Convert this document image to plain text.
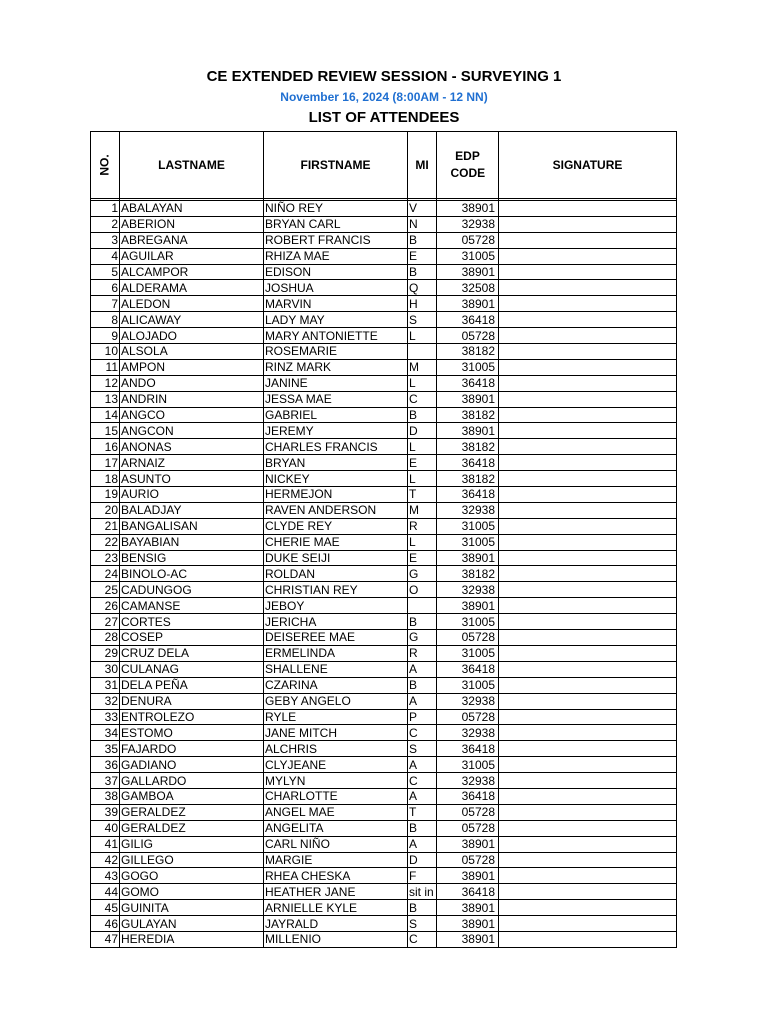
CE EXTENDED REVIEW SESSION - SURVEYING 1
November 16, 2024 (8:00AM - 12 NN)
LIST OF ATTENDEES
NO.	LASTNAME	FIRSTNAME	MI	EDP CODE	SIGNATURE

1	ABALAYAN	NIÑO REY	V	38901	
2	ABERION	BRYAN CARL	N	32938	
3	ABREGANA	ROBERT FRANCIS	B	05728	
4	AGUILAR	RHIZA MAE	E	31005	
5	ALCAMPOR	EDISON	B	38901	
6	ALDERAMA	JOSHUA	Q	32508	
7	ALEDON	MARVIN	H	38901	
8	ALICAWAY	LADY MAY	S	36418	
9	ALOJADO	MARY ANTONIETTE	L	05728	
10	ALSOLA	ROSEMARIE		38182	
11	AMPON	RINZ MARK	M	31005	
12	ANDO	JANINE	L	36418	
13	ANDRIN	JESSA MAE	C	38901	
14	ANGCO	GABRIEL	B	38182	
15	ANGCON	JEREMY	D	38901	
16	ANONAS	CHARLES FRANCIS	L	38182	
17	ARNAIZ	BRYAN	E	36418	
18	ASUNTO	NICKEY	L	38182	
19	AURIO	HERMEJON	T	36418	
20	BALADJAY	RAVEN ANDERSON	M	32938	
21	BANGALISAN	CLYDE REY	R	31005	
22	BAYABIAN	CHERIE MAE	L	31005	
23	BENSIG	DUKE SEIJI	E	38901	
24	BINOLO-AC	ROLDAN	G	38182	
25	CADUNGOG	CHRISTIAN REY	O	32938	
26	CAMANSE	JEBOY		38901	
27	CORTES	JERICHA	B	31005	
28	COSEP	DEISEREE MAE	G	05728	
29	CRUZ DELA	ERMELINDA	R	31005	
30	CULANAG	SHALLENE	A	36418	
31	DELA PEÑA	CZARINA	B	31005	
32	DENURA	GEBY ANGELO	A	32938	
33	ENTROLEZO	RYLE	P	05728	
34	ESTOMO	JANE MITCH	C	32938	
35	FAJARDO	ALCHRIS	S	36418	
36	GADIANO	CLYJEANE	A	31005	
37	GALLARDO	MYLYN	C	32938	
38	GAMBOA	CHARLOTTE	A	36418	
39	GERALDEZ	ANGEL MAE	T	05728	
40	GERALDEZ	ANGELITA	B	05728	
41	GILIG	CARL NIÑO	A	38901	
42	GILLEGO	MARGIE	D	05728	
43	GOGO	RHEA CHESKA	F	38901	
44	GOMO	HEATHER JANE	sit in	36418	
45	GUINITA	ARNIELLE KYLE	B	38901	
46	GULAYAN	JAYRALD	S	38901	
47	HEREDIA	MILLENIO	C	38901	
